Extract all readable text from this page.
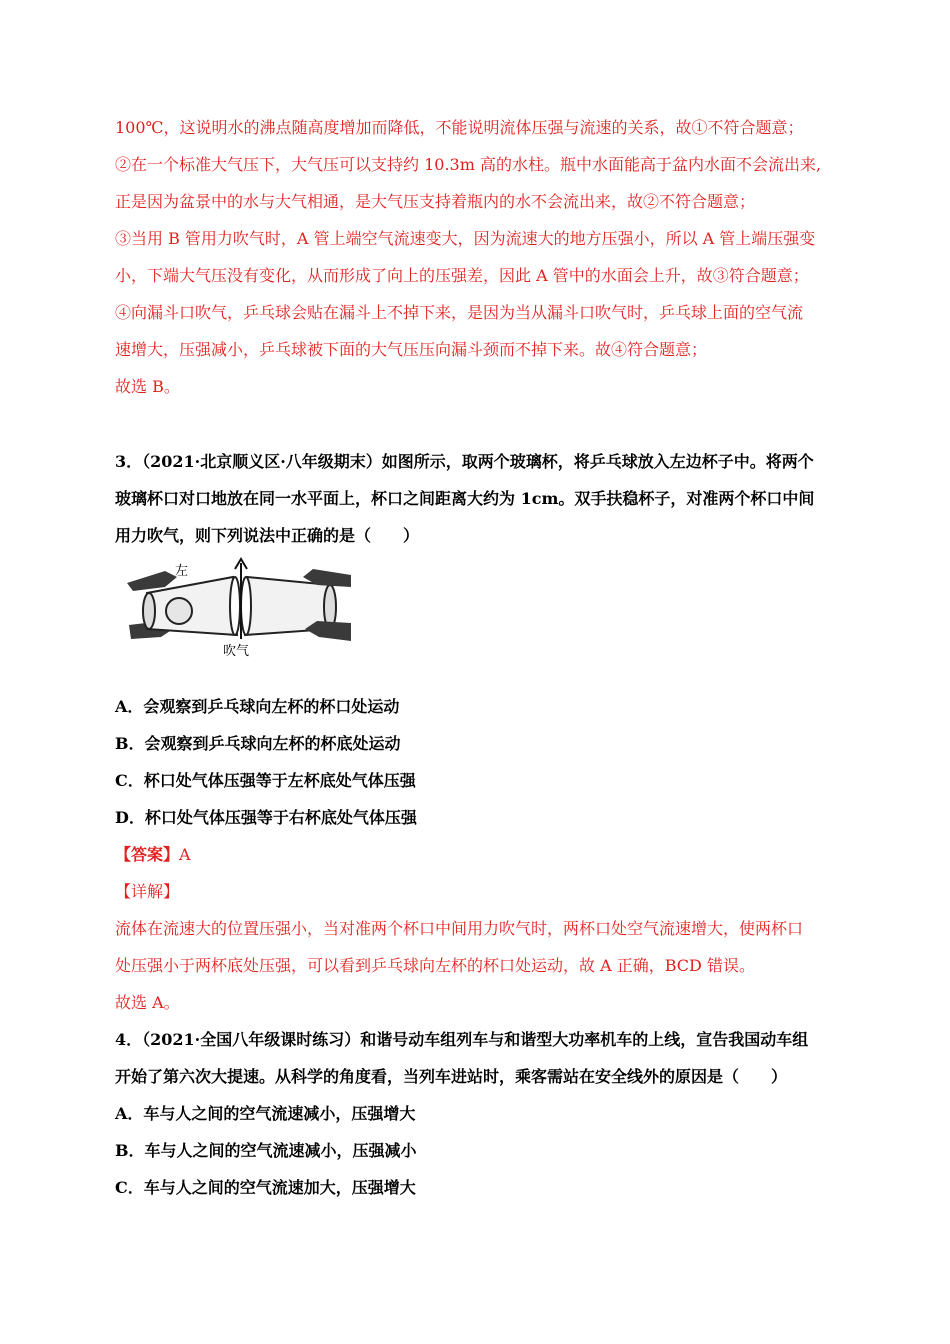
100℃，这说明水的沸点随高度增加而降低，不能说明流体压强与流速的关系，故①不符合题意；
②在一个标准大气压下，大气压可以支持约 10.3m 高的水柱。瓶中水面能高于盆内水面不会流出来,
正是因为盆景中的水与大气相通，是大气压支持着瓶内的水不会流出来，故②不符合题意；
③当用 B 管用力吹气时，A 管上端空气流速变大，因为流速大的地方压强小，所以 A 管上端压强变
小，下端大气压没有变化，从而形成了向上的压强差，因此 A 管中的水面会上升，故③符合题意；
④向漏斗口吹气，乒乓球会贴在漏斗上不掉下来，是因为当从漏斗口吹气时，乒乓球上面的空气流
速增大，压强减小，乒乓球被下面的大气压压向漏斗颈而不掉下来。故④符合题意；
故选 B。
3．（2021·北京顺义区·八年级期末）如图所示，取两个玻璃杯，将乒乓球放入左边杯子中。将两个
玻璃杯口对口地放在同一水平面上，杯口之间距离大约为 1cm。双手扶稳杯子，对准两个杯口中间
用力吹气，则下列说法中正确的是（　　）
左
吹气
A．会观察到乒乓球向左杯的杯口处运动
B．会观察到乒乓球向左杯的杯底处运动
C．杯口处气体压强等于左杯底处气体压强
D．杯口处气体压强等于右杯底处气体压强
【答案】A
【详解】
流体在流速大的位置压强小，当对准两个杯口中间用力吹气时，两杯口处空气流速增大，使两杯口
处压强小于两杯底处压强，可以看到乒乓球向左杯的杯口处运动，故 A 正确，BCD 错误。
故选 A。
4．（2021·全国八年级课时练习）和谐号动车组列车与和谐型大功率机车的上线，宣告我国动车组
开始了第六次大提速。从科学的角度看，当列车进站时，乘客需站在安全线外的原因是（　　）
A．车与人之间的空气流速减小，压强增大
B．车与人之间的空气流速减小，压强减小
C．车与人之间的空气流速加大，压强增大
